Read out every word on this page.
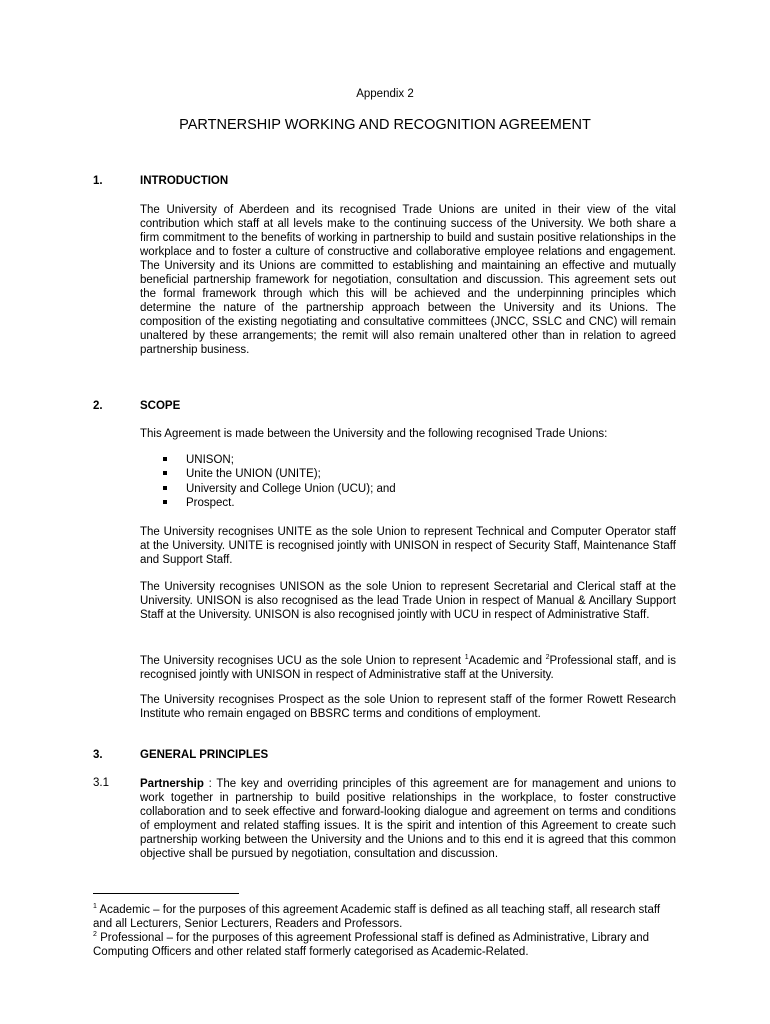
Appendix 2
PARTNERSHIP WORKING AND RECOGNITION AGREEMENT
1.	INTRODUCTION
The University of Aberdeen and its recognised Trade Unions are united in their view of the vital contribution which staff at all levels make to the continuing success of the University. We both share a firm commitment to the benefits of working in partnership to build and sustain positive relationships in the workplace and to foster a culture of constructive and collaborative employee relations and engagement. The University and its Unions are committed to establishing and maintaining an effective and mutually beneficial partnership framework for negotiation, consultation and discussion. This agreement sets out the formal framework through which this will be achieved and the underpinning principles which determine the nature of the partnership approach between the University and its Unions. The composition of the existing negotiating and consultative committees (JNCC, SSLC and CNC) will remain unaltered by these arrangements; the remit will also remain unaltered other than in relation to agreed partnership business.
2.	SCOPE
This Agreement is made between the University and the following recognised Trade Unions:
UNISON;
Unite the UNION (UNITE);
University and College Union (UCU); and
Prospect.
The University recognises UNITE as the sole Union to represent Technical and Computer Operator staff at the University. UNITE is recognised jointly with UNISON in respect of Security Staff, Maintenance Staff and Support Staff.
The University recognises UNISON as the sole Union to represent Secretarial and Clerical staff at the University. UNISON is also recognised as the lead Trade Union in respect of Manual & Ancillary Support Staff at the University. UNISON is also recognised jointly with UCU in respect of Administrative Staff.
The University recognises UCU as the sole Union to represent $^1$Academic and $^2$Professional staff, and is recognised jointly with UNISON in respect of Administrative staff at the University.
The University recognises Prospect as the sole Union to represent staff of the former Rowett Research Institute who remain engaged on BBSRC terms and conditions of employment.
3.	GENERAL PRINCIPLES
3.1	Partnership : The key and overriding principles of this agreement are for management and unions to work together in partnership to build positive relationships in the workplace, to foster constructive collaboration and to seek effective and forward-looking dialogue and agreement on terms and conditions of employment and related staffing issues. It is the spirit and intention of this Agreement to create such partnership working between the University and the Unions and to this end it is agreed that this common objective shall be pursued by negotiation, consultation and discussion.
$^1$ Academic – for the purposes of this agreement Academic staff is defined as all teaching staff, all research staff and all Lecturers, Senior Lecturers, Readers and Professors.
$^2$ Professional – for the purposes of this agreement Professional staff is defined as Administrative, Library and Computing Officers and other related staff formerly categorised as Academic-Related.
